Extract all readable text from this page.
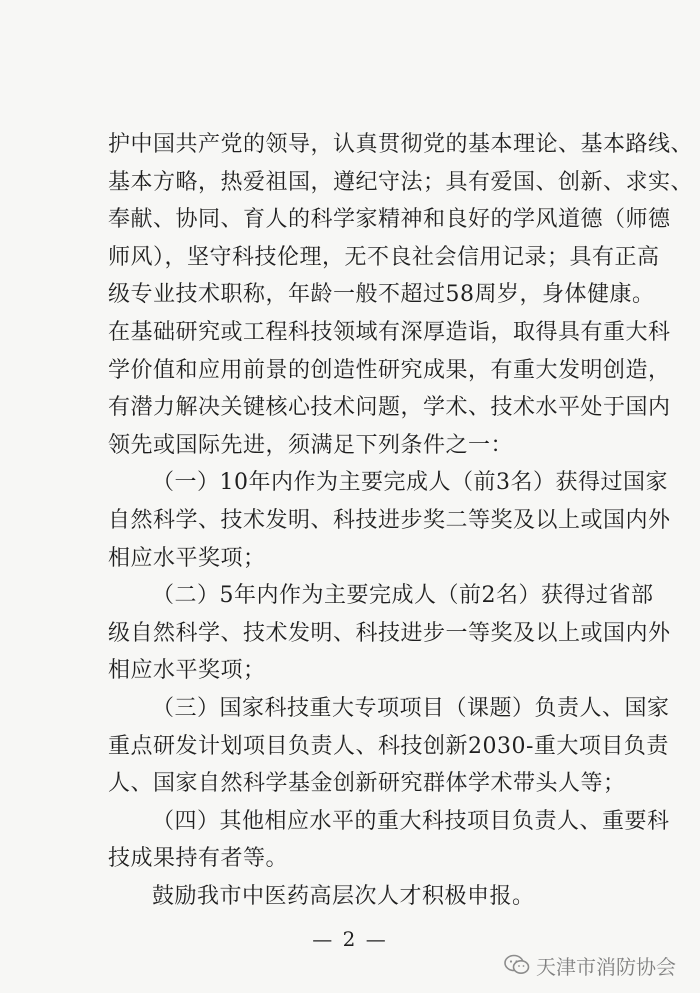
护中国共产党的领导，认真贯彻党的基本理论、基本路线、
基本方略，热爱祖国，遵纪守法；具有爱国、创新、求实、
奉献、协同、育人的科学家精神和良好的学风道德（师德
师风），坚守科技伦理，无不良社会信用记录；具有正高
级专业技术职称，年龄一般不超过58周岁，身体健康。
在基础研究或工程科技领域有深厚造诣，取得具有重大科
学价值和应用前景的创造性研究成果，有重大发明创造，
有潜力解决关键核心技术问题，学术、技术水平处于国内
领先或国际先进，须满足下列条件之一：
（一）10年内作为主要完成人（前3名）获得过国家
自然科学、技术发明、科技进步奖二等奖及以上或国内外
相应水平奖项；
（二）5年内作为主要完成人（前2名）获得过省部
级自然科学、技术发明、科技进步一等奖及以上或国内外
相应水平奖项；
（三）国家科技重大专项项目（课题）负责人、国家
重点研发计划项目负责人、科技创新2030-重大项目负责
人、国家自然科学基金创新研究群体学术带头人等；
（四）其他相应水平的重大科技项目负责人、重要科
技成果持有者等。
鼓励我市中医药高层次人才积极申报。
— 2 —
天津市消防协会
